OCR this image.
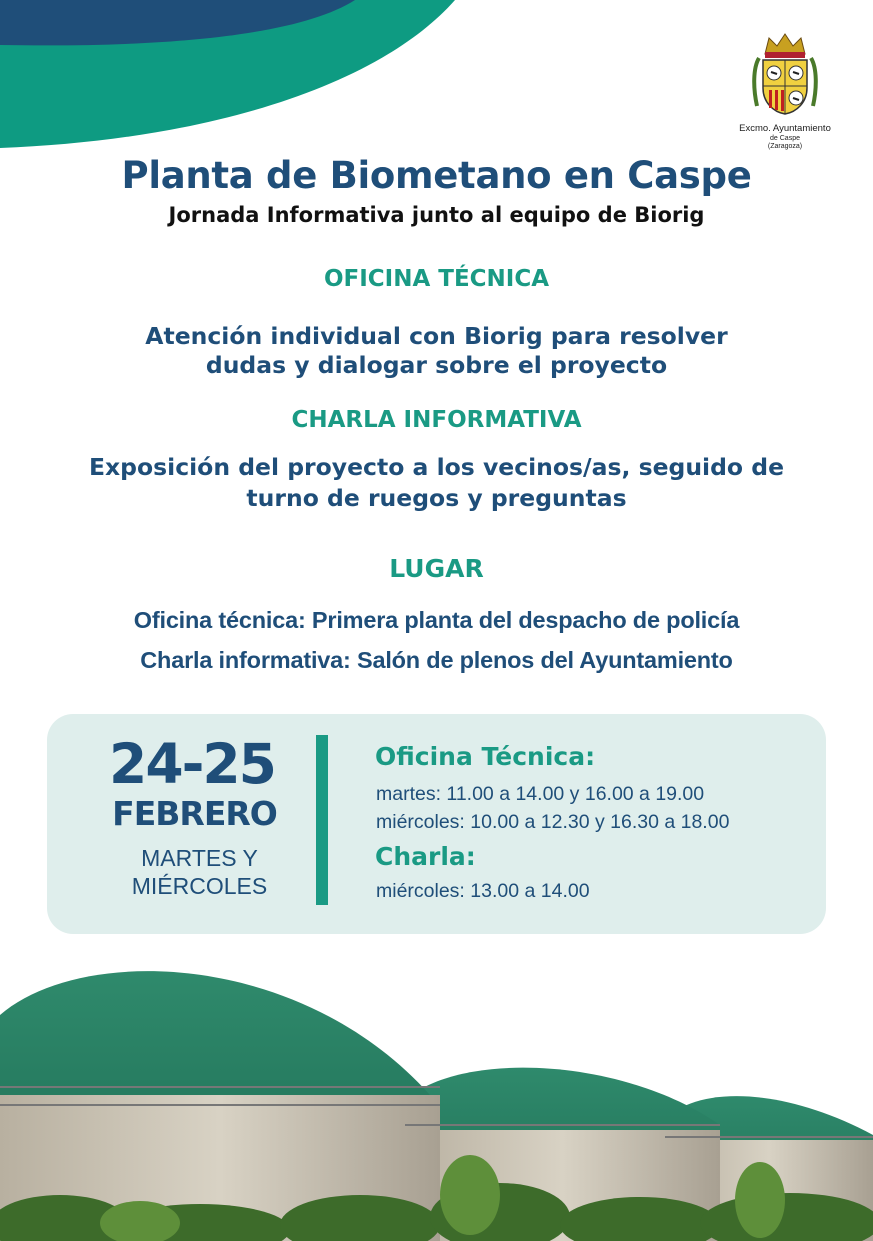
Excmo. Ayuntamiento
de Caspe
(Zaragoza)
Planta de Biometano en Caspe
Jornada Informativa junto al equipo de Biorig
OFICINA TÉCNICA
Atención individual con Biorig para resolver
dudas y dialogar sobre el proyecto
CHARLA INFORMATIVA
Exposición del proyecto a los vecinos/as, seguido de
turno de ruegos y preguntas
LUGAR
Oficina técnica: Primera planta del despacho de policía
Charla informativa: Salón de plenos del Ayuntamiento
24-25
FEBRERO
MARTES Y
MIÉRCOLES
Oficina Técnica:
martes: 11.00 a 14.00 y 16.00 a 19.00
miércoles: 10.00 a 12.30 y 16.30 a 18.00
Charla:
miércoles: 13.00 a 14.00
